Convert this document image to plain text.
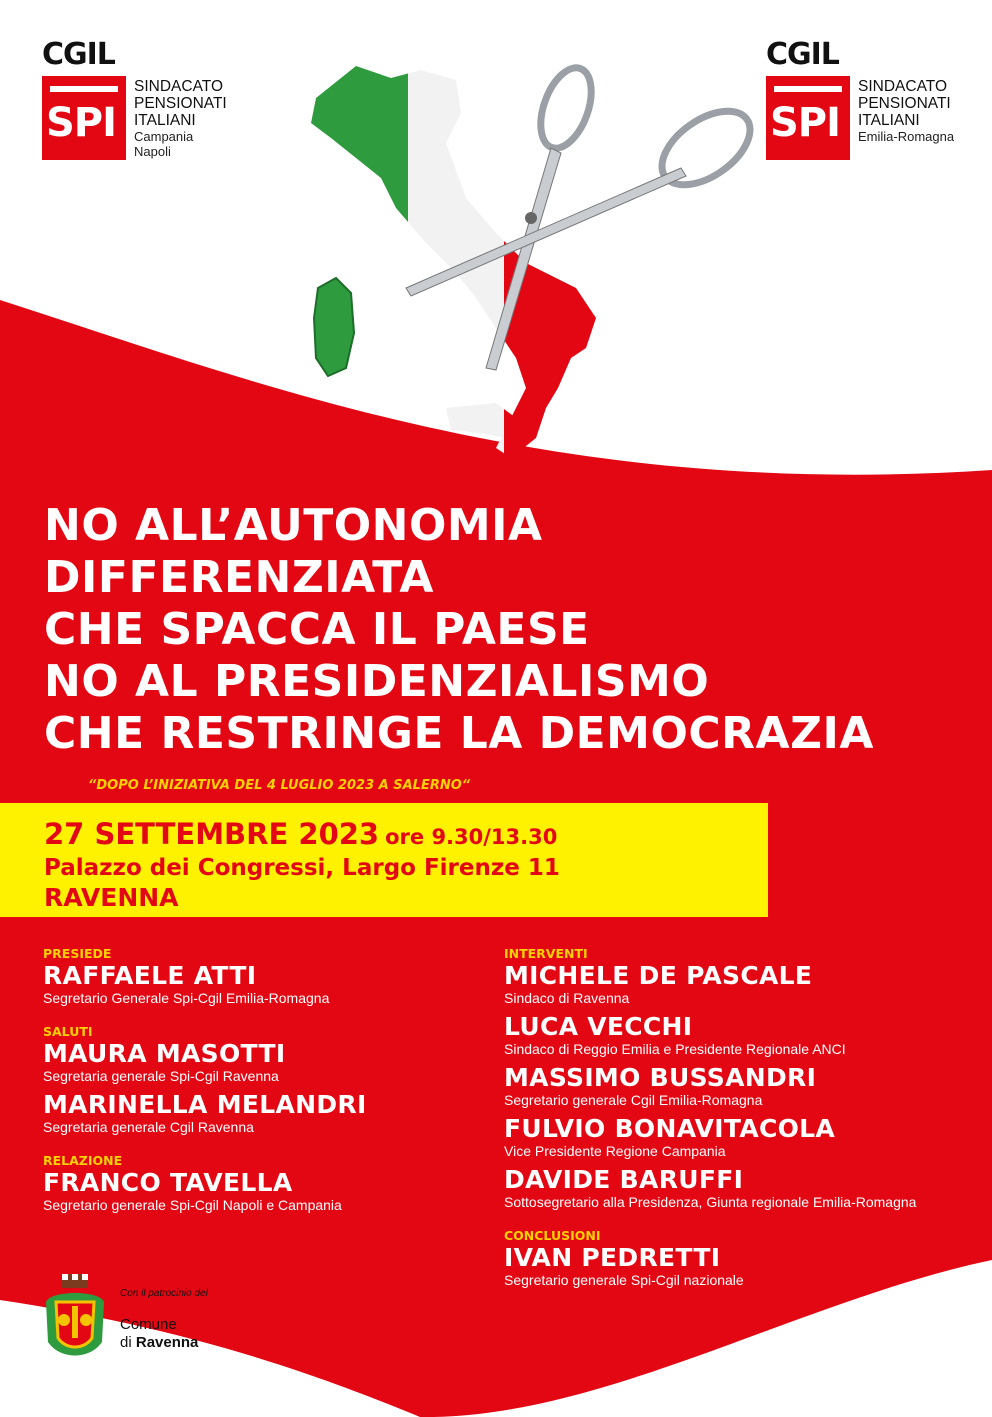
CGIL
SPI
SINDACATO
PENSIONATI
ITALIANI
Campania
Napoli
CGIL
SPI
SINDACATO
PENSIONATI
ITALIANI
Emilia-Romagna
NO ALL’AUTONOMIA
DIFFERENZIATA
CHE SPACCA IL PAESE
NO AL PRESIDENZIALISMO
CHE RESTRINGE LA DEMOCRAZIA
“DOPO L’INIZIATIVA DEL 4 LUGLIO 2023 A SALERNO“
27 SETTEMBRE 2023 ore 9.30/13.30
Palazzo dei Congressi, Largo Firenze 11
RAVENNA
PRESIEDE
RAFFAELE ATTI
Segretario Generale Spi-Cgil Emilia-Romagna
SALUTI
MAURA MASOTTI
Segretaria generale Spi-Cgil Ravenna
MARINELLA MELANDRI
Segretaria generale Cgil Ravenna
RELAZIONE
FRANCO TAVELLA
Segretario generale Spi-Cgil Napoli e Campania
INTERVENTI
MICHELE DE PASCALE
Sindaco di Ravenna
LUCA VECCHI
Sindaco di Reggio Emilia e Presidente Regionale ANCI
MASSIMO BUSSANDRI
Segretario generale Cgil Emilia-Romagna
FULVIO BONAVITACOLA
Vice Presidente Regione Campania
DAVIDE BARUFFI
Sottosegretario alla Presidenza, Giunta regionale Emilia-Romagna
CONCLUSIONI
IVAN PEDRETTI
Segretario generale Spi-Cgil nazionale
Con il patrocinio del
Comune
di Ravenna
